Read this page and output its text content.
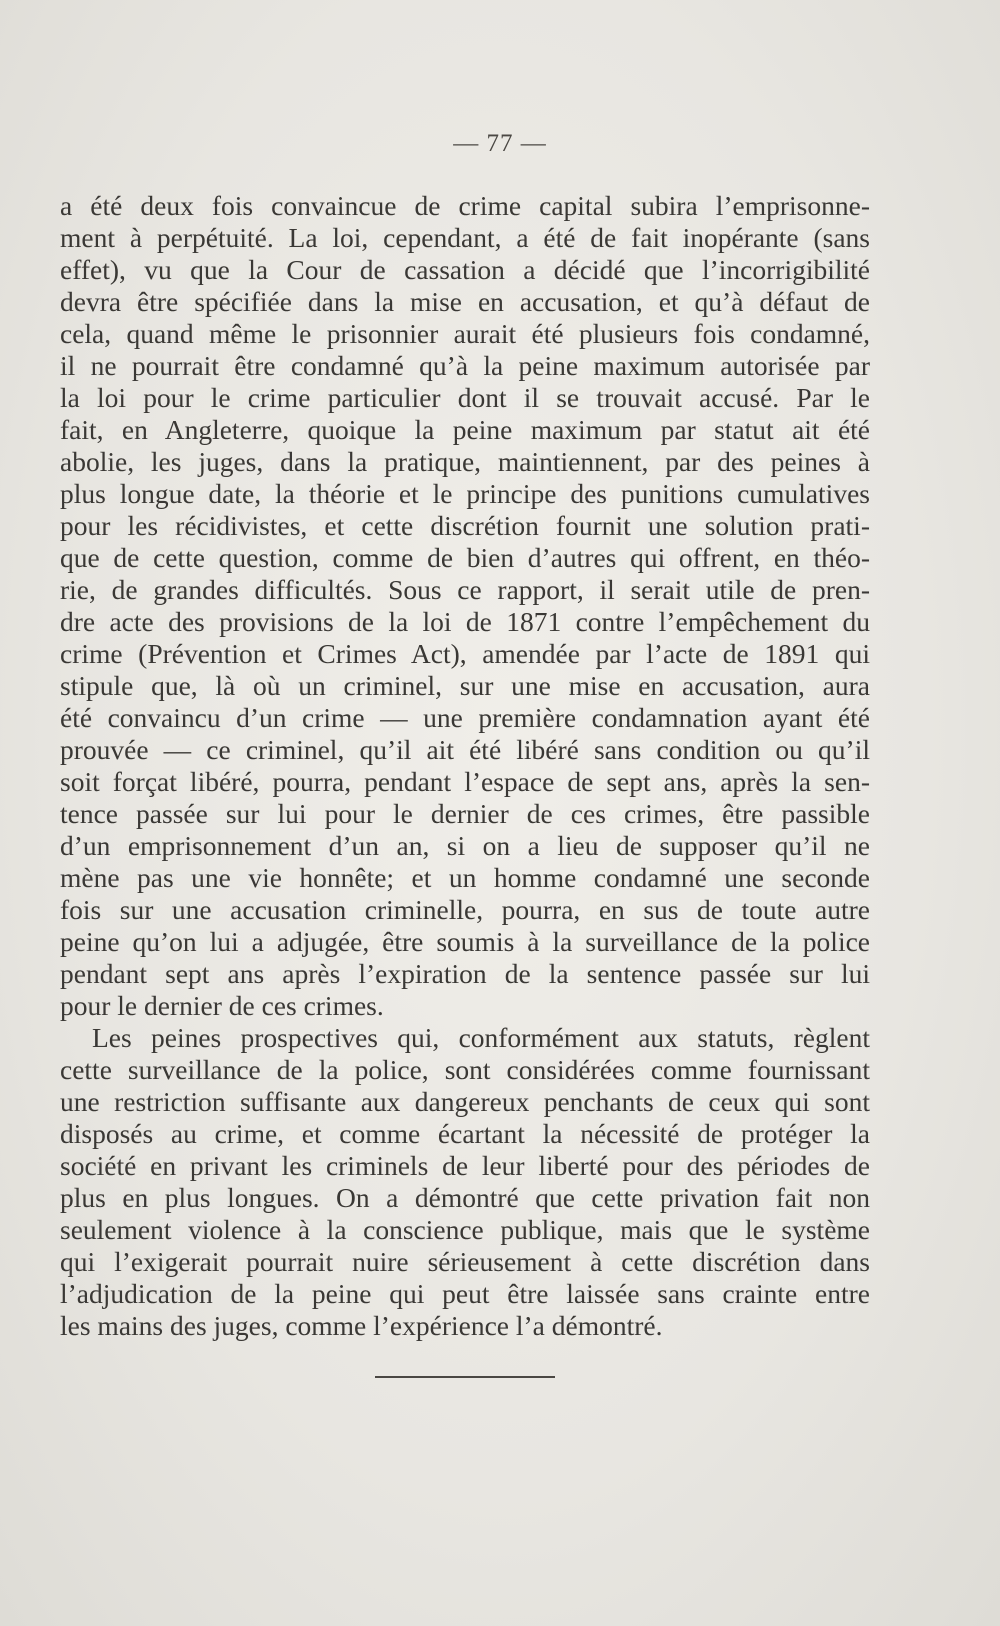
— 77 —
a été deux fois convaincue de crime capital subira l’emprisonne-
ment à perpétuité. La loi, cependant, a été de fait inopérante (sans
effet), vu que la Cour de cassation a décidé que l’incorrigibilité
devra être spécifiée dans la mise en accusation, et qu’à défaut de
cela, quand même le prisonnier aurait été plusieurs fois condamné,
il ne pourrait être condamné qu’à la peine maximum autorisée par
la loi pour le crime particulier dont il se trouvait accusé. Par le
fait, en Angleterre, quoique la peine maximum par statut ait été
abolie, les juges, dans la pratique, maintiennent, par des peines à
plus longue date, la théorie et le principe des punitions cumulatives
pour les récidivistes, et cette discrétion fournit une solution prati-
que de cette question, comme de bien d’autres qui offrent, en théo-
rie, de grandes difficultés. Sous ce rapport, il serait utile de pren-
dre acte des provisions de la loi de 1871 contre l’empêchement du
crime (Prévention et Crimes Act), amendée par l’acte de 1891 qui
stipule que, là où un criminel, sur une mise en accusation, aura
été convaincu d’un crime — une première condamnation ayant été
prouvée — ce criminel, qu’il ait été libéré sans condition ou qu’il
soit forçat libéré, pourra, pendant l’espace de sept ans, après la sen-
tence passée sur lui pour le dernier de ces crimes, être passible
d’un emprisonnement d’un an, si on a lieu de supposer qu’il ne
mène pas une vie honnête; et un homme condamné une seconde
fois sur une accusation criminelle, pourra, en sus de toute autre
peine qu’on lui a adjugée, être soumis à la surveillance de la police
pendant sept ans après l’expiration de la sentence passée sur lui
pour le dernier de ces crimes.
Les peines prospectives qui, conformément aux statuts, règlent
cette surveillance de la police, sont considérées comme fournissant
une restriction suffisante aux dangereux penchants de ceux qui sont
disposés au crime, et comme écartant la nécessité de protéger la
société en privant les criminels de leur liberté pour des périodes de
plus en plus longues. On a démontré que cette privation fait non
seulement violence à la conscience publique, mais que le système
qui l’exigerait pourrait nuire sérieusement à cette discrétion dans
l’adjudication de la peine qui peut être laissée sans crainte entre
les mains des juges, comme l’expérience l’a démontré.
